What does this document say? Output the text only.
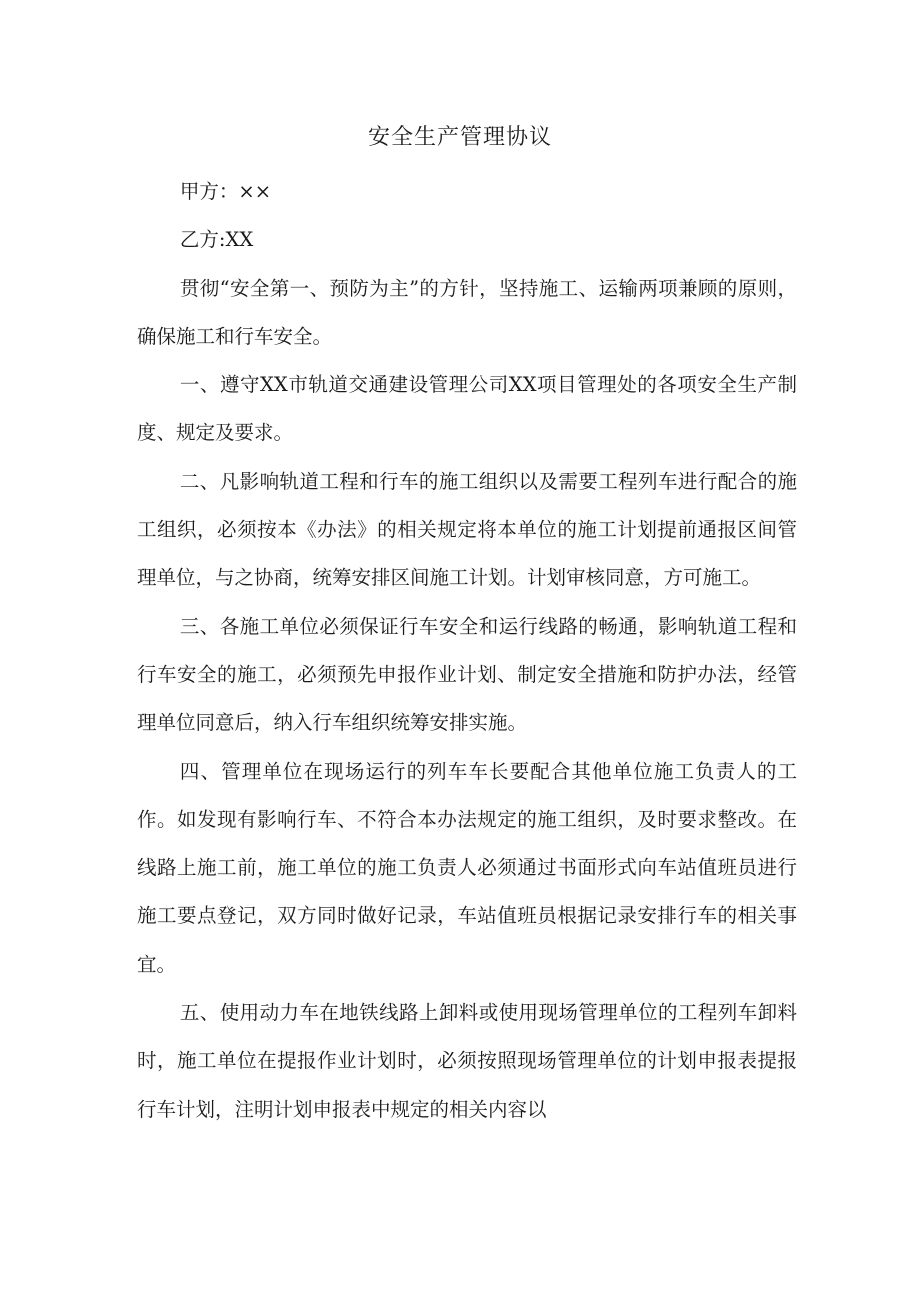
安全生产管理协议

甲方：××

乙方:XX

贯彻“安全第一、预防为主”的方针，坚持施工、运输两项兼顾的原则，确保施工和行车安全。

一、遵守XX市轨道交通建设管理公司XX项目管理处的各项安全生产制度、规定及要求。

二、凡影响轨道工程和行车的施工组织以及需要工程列车进行配合的施工组织，必须按本《办法》的相关规定将本单位的施工计划提前通报区间管理单位，与之协商，统筹安排区间施工计划。计划审核同意，方可施工。

三、各施工单位必须保证行车安全和运行线路的畅通，影响轨道工程和行车安全的施工，必须预先申报作业计划、制定安全措施和防护办法，经管理单位同意后，纳入行车组织统筹安排实施。

四、管理单位在现场运行的列车车长要配合其他单位施工负责人的工作。如发现有影响行车、不符合本办法规定的施工组织，及时要求整改。在线路上施工前，施工单位的施工负责人必须通过书面形式向车站值班员进行施工要点登记，双方同时做好记录，车站值班员根据记录安排行车的相关事宜。

五、使用动力车在地铁线路上卸料或使用现场管理单位的工程列车卸料时，施工单位在提报作业计划时，必须按照现场管理单位的计划申报表提报行车计划，注明计划申报表中规定的相关内容以
